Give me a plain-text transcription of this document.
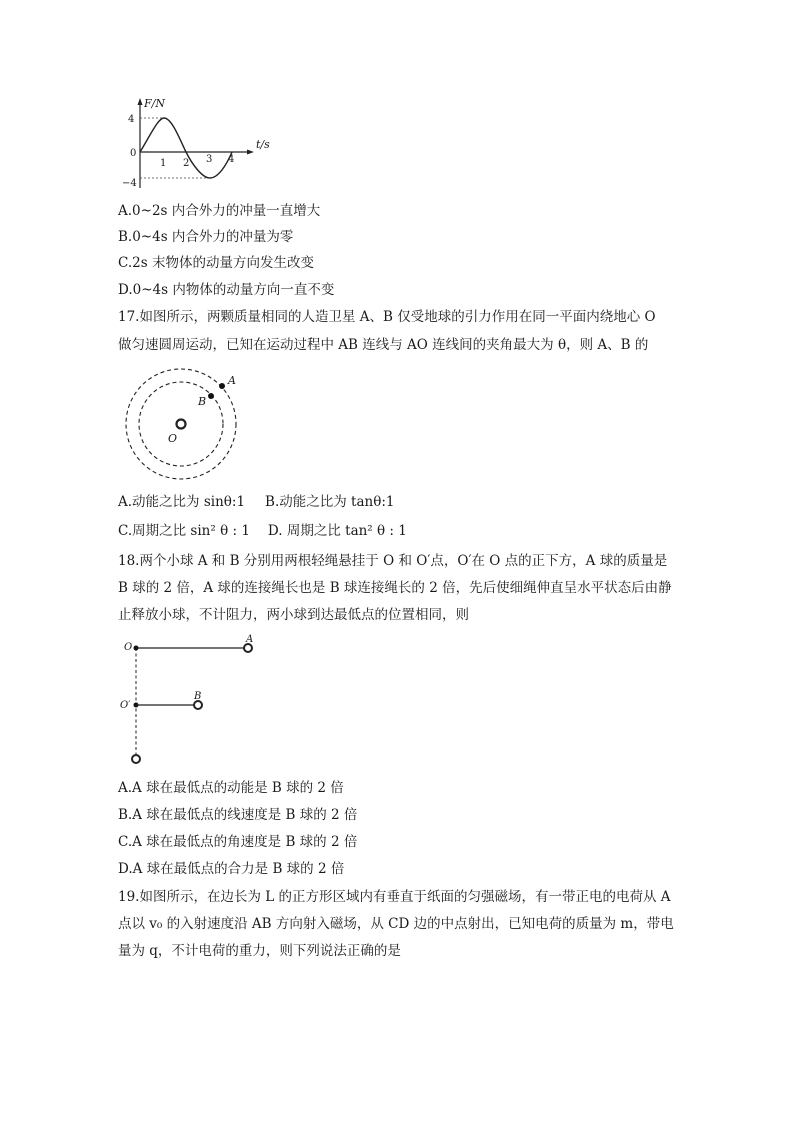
F/N
t/s
4
0
−4
1 2 3 4
A.0~2s 内合外力的冲量一直增大
B.0~4s 内合外力的冲量为零
C.2s 末物体的动量方向发生改变
D.0~4s 内物体的动量方向一直不变
17.如图所示，两颗质量相同的人造卫星 A、B 仅受地球的引力作用在同一平面内绕地心 O
做匀速圆周运动，已知在运动过程中 AB 连线与 AO 连线间的夹角最大为 θ，则 A、B 的
A
B
O
A.动能之比为 sinθ:1 B.动能之比为 tanθ:1
C.周期之比 sin² θ : 1 D. 周期之比 tan² θ : 1
18.两个小球 A 和 B 分别用两根轻绳悬挂于 O 和 O′点，O′在 O 点的正下方，A 球的质量是
B 球的 2 倍，A 球的连接绳长也是 B 球连接绳长的 2 倍，先后使细绳伸直呈水平状态后由静
止释放小球，不计阻力，两小球到达最低点的位置相同，则
O
A
O′
B
A.A 球在最低点的动能是 B 球的 2 倍
B.A 球在最低点的线速度是 B 球的 2 倍
C.A 球在最低点的角速度是 B 球的 2 倍
D.A 球在最低点的合力是 B 球的 2 倍
19.如图所示，在边长为 L 的正方形区域内有垂直于纸面的匀强磁场，有一带正电的电荷从 A
点以 v₀ 的入射速度沿 AB 方向射入磁场，从 CD 边的中点射出，已知电荷的质量为 m，带电
量为 q，不计电荷的重力，则下列说法正确的是
